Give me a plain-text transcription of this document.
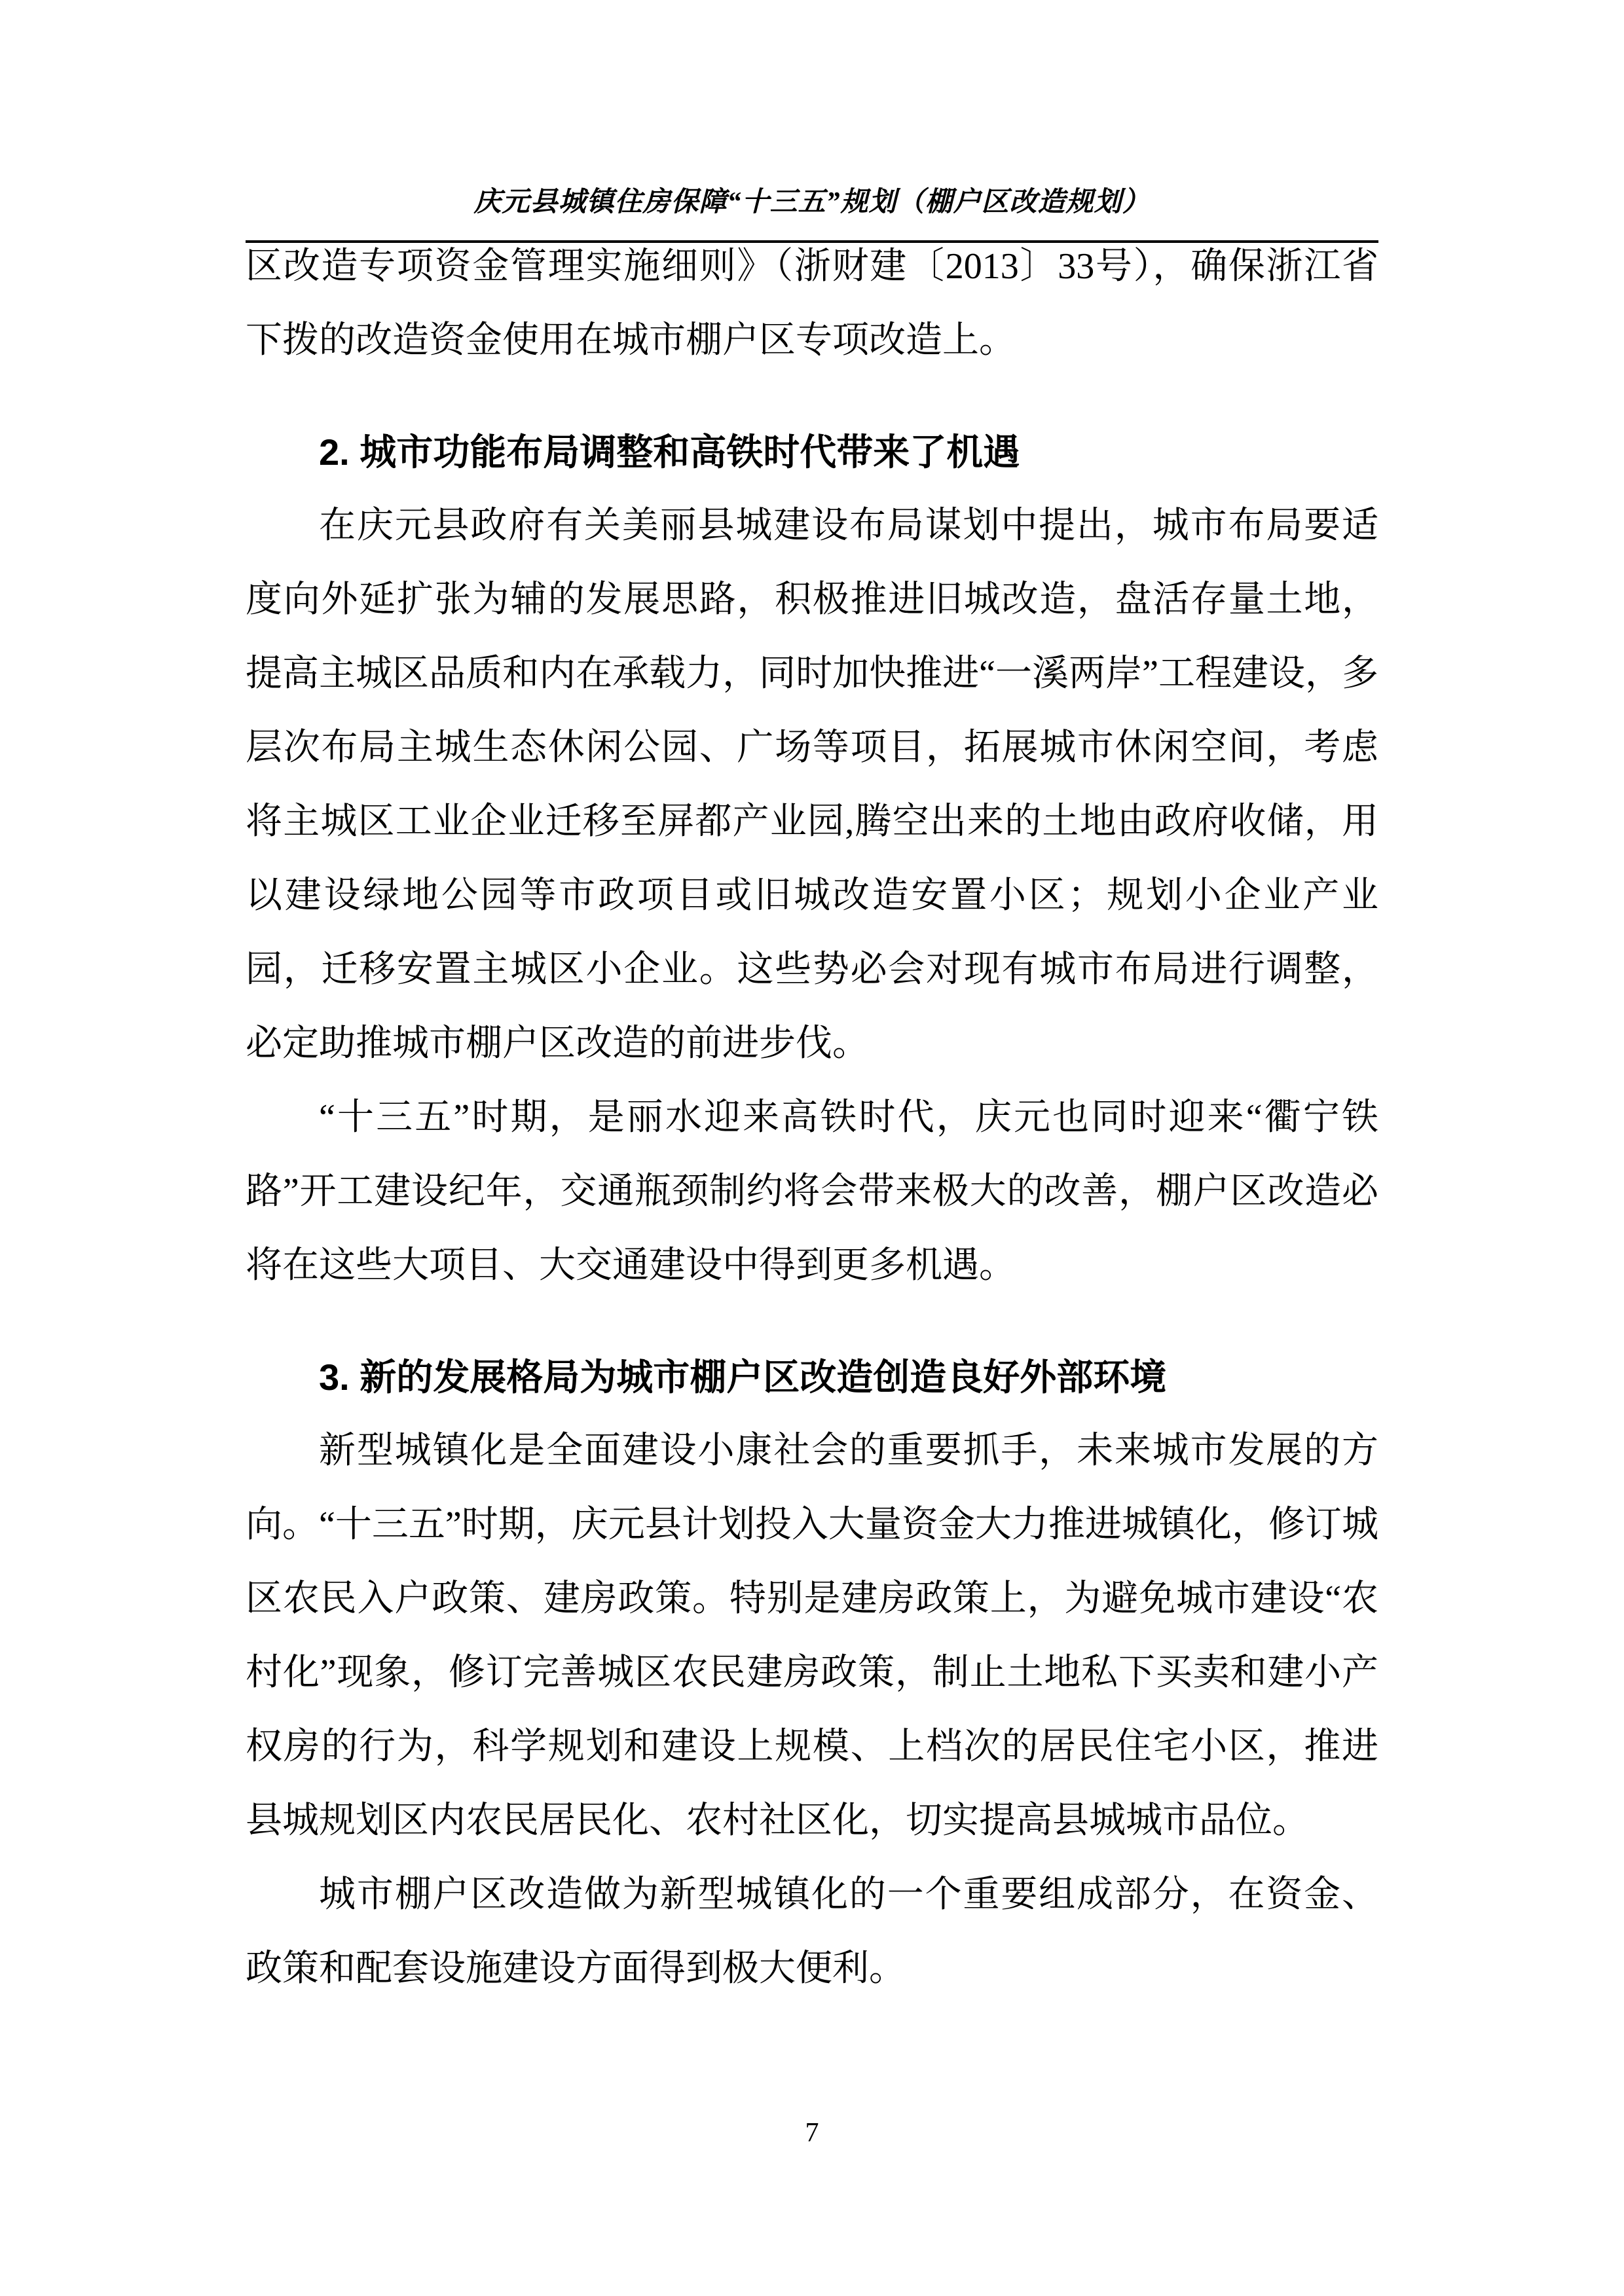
庆元县城镇住房保障“十三五”规划（棚户区改造规划）

区改造专项资金管理实施细则》（浙财建〔2013〕33号），确保浙江省下拨的改造资金使用在城市棚户区专项改造上。

2. 城市功能布局调整和高铁时代带来了机遇

在庆元县政府有关美丽县城建设布局谋划中提出，城市布局要适度向外延扩张为辅的发展思路，积极推进旧城改造，盘活存量土地，提高主城区品质和内在承载力，同时加快推进“一溪两岸”工程建设，多层次布局主城生态休闲公园、广场等项目，拓展城市休闲空间，考虑将主城区工业企业迁移至屏都产业园,腾空出来的土地由政府收储，用以建设绿地公园等市政项目或旧城改造安置小区；规划小企业产业园，迁移安置主城区小企业。这些势必会对现有城市布局进行调整，必定助推城市棚户区改造的前进步伐。

“十三五”时期，是丽水迎来高铁时代，庆元也同时迎来“衢宁铁路”开工建设纪年，交通瓶颈制约将会带来极大的改善，棚户区改造必将在这些大项目、大交通建设中得到更多机遇。

3. 新的发展格局为城市棚户区改造创造良好外部环境

新型城镇化是全面建设小康社会的重要抓手，未来城市发展的方向。“十三五”时期，庆元县计划投入大量资金大力推进城镇化，修订城区农民入户政策、建房政策。特别是建房政策上，为避免城市建设“农村化”现象，修订完善城区农民建房政策，制止土地私下买卖和建小产权房的行为，科学规划和建设上规模、上档次的居民住宅小区，推进县城规划区内农民居民化、农村社区化，切实提高县城城市品位。

城市棚户区改造做为新型城镇化的一个重要组成部分，在资金、政策和配套设施建设方面得到极大便利。

7
